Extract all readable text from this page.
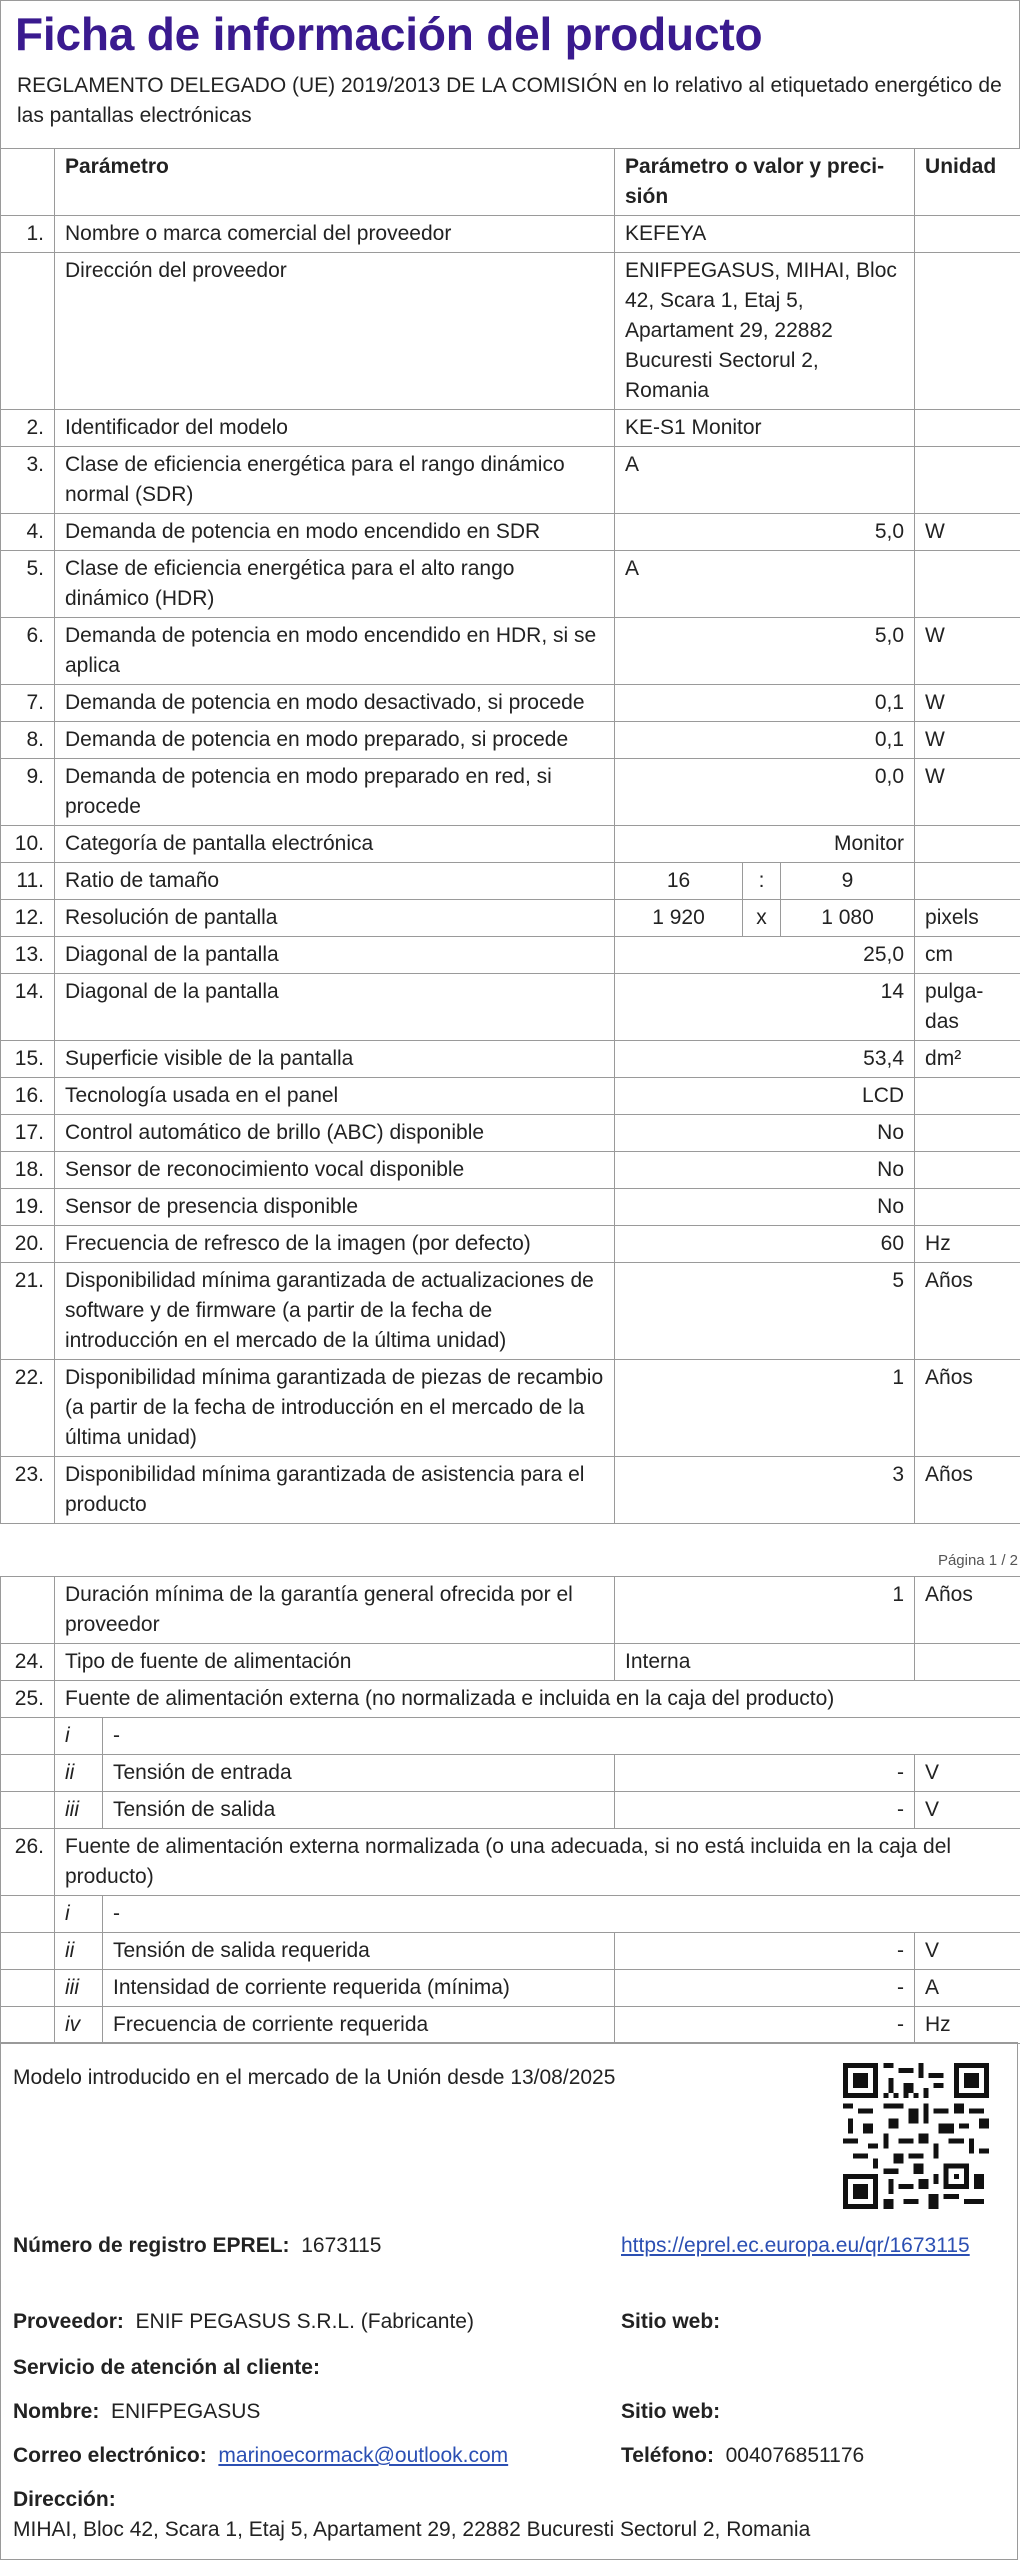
Ficha de información del producto
REGLAMENTO DELEGADO (UE) 2019/2013 DE LA COMISIÓN en lo relativo al etiquetado energético de las pantallas electrónicas
	Parámetro	Parámetro o valor y preci-sión			Unidad
1.	Nombre o marca comercial del proveedor	KEFEYA			
	Dirección del proveedor	ENIFPEGASUS, MIHAI, Bloc 42, Scara 1, Etaj 5, Apartament 29, 22882 Bucuresti Sectorul 2, Romania			
2.	Identificador del modelo	KE-S1 Monitor			
3.	Clase de eficiencia energética para el rango dinámico normal (SDR)	A			
4.	Demanda de potencia en modo encendido en SDR	5,0			W
5.	Clase de eficiencia energética para el alto rango dinámico (HDR)	A			
6.	Demanda de potencia en modo encendido en HDR, si se aplica	5,0			W
7.	Demanda de potencia en modo desactivado, si procede	0,1			W
8.	Demanda de potencia en modo preparado, si procede	0,1			W
9.	Demanda de potencia en modo preparado en red, si procede	0,0			W
10.	Categoría de pantalla electrónica	Monitor			
11.	Ratio de tamaño	16	:	9	
12.	Resolución de pantalla	1 920	x	1 080	pixels
13.	Diagonal de la pantalla	25,0			cm
14.	Diagonal de la pantalla	14			pulga-das
15.	Superficie visible de la pantalla	53,4			dm²
16.	Tecnología usada en el panel	LCD			
17.	Control automático de brillo (ABC) disponible	No			
18.	Sensor de reconocimiento vocal disponible	No			
19.	Sensor de presencia disponible	No			
20.	Frecuencia de refresco de la imagen (por defecto)	60			Hz
21.	Disponibilidad mínima garantizada de actualizaciones de software y de firmware (a partir de la fecha de introducción en el mercado de la última unidad)	5			Años
22.	Disponibilidad mínima garantizada de piezas de recambio (a partir de la fecha de introducción en el mercado de la última unidad)	1			Años
23.	Disponibilidad mínima garantizada de asistencia para el producto	3			Años
Página 1 / 2
	Duración mínima de la garantía general ofrecida por el proveedor		1	Años
24.	Tipo de fuente de alimentación		Interna	
25.	Fuente de alimentación externa (no normalizada e incluida en la caja del producto)			
	i	-		
	ii	Tensión de entrada	-	V
	iii	Tensión de salida	-	V
26.	Fuente de alimentación externa normalizada (o una adecuada, si no está incluida en la caja del producto)			
	i	-		
	ii	Tensión de salida requerida	-	V
	iii	Intensidad de corriente requerida (mínima)	-	A
	iv	Frecuencia de corriente requerida	-	Hz
Modelo introducido en el mercado de la Unión desde 13/08/2025
Número de registro EPREL: 1673115	https://eprel.ec.europa.eu/qr/1673115
Proveedor: ENIF PEGASUS S.R.L. (Fabricante)	Sitio web:
Servicio de atención al cliente:
Nombre: ENIFPEGASUS	Sitio web:
Correo electrónico: marinoecormack@outlook.com	Teléfono: 004076851176
Dirección:
MIHAI, Bloc 42, Scara 1, Etaj 5, Apartament 29, 22882 Bucuresti Sectorul 2, Romania
